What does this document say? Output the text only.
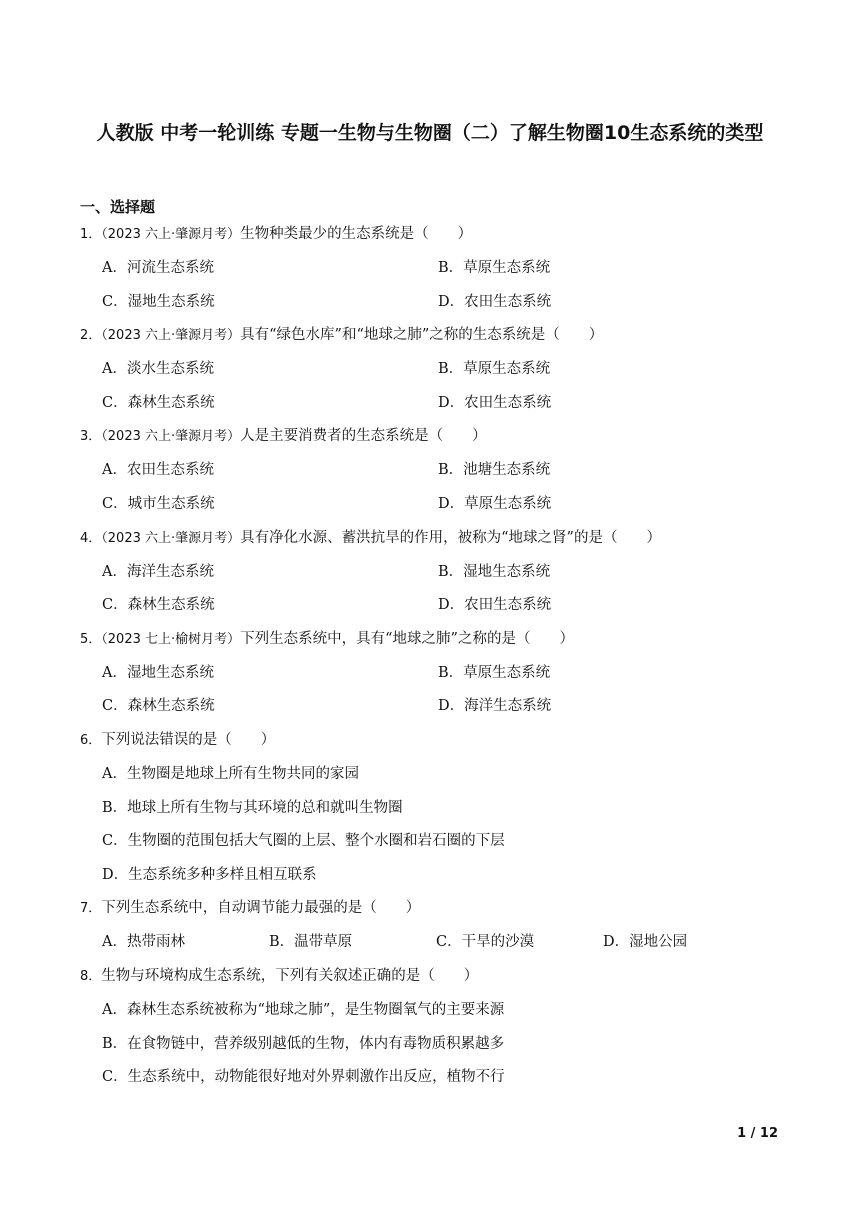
人教版 中考一轮训练 专题一生物与生物圈（二）了解生物圈10生态系统的类型
一、选择题
1．（2023 六上·肇源月考）生物种类最少的生态系统是（　　）
A．河流生态系统	B．草原生态系统
C．湿地生态系统	D．农田生态系统
2．（2023 六上·肇源月考）具有“绿色水库”和“地球之肺”之称的生态系统是（　　）
A．淡水生态系统	B．草原生态系统
C．森林生态系统	D．农田生态系统
3．（2023 六上·肇源月考）人是主要消费者的生态系统是（　　）
A．农田生态系统	B．池塘生态系统
C．城市生态系统	D．草原生态系统
4．（2023 六上·肇源月考）具有净化水源、蓄洪抗旱的作用，被称为“地球之肾”的是（　　）
A．海洋生态系统	B．湿地生态系统
C．森林生态系统	D．农田生态系统
5．（2023 七上·榆树月考）下列生态系统中，具有“地球之肺”之称的是（　　）
A．湿地生态系统	B．草原生态系统
C．森林生态系统	D．海洋生态系统
6．下列说法错误的是（　　）
A．生物圈是地球上所有生物共同的家园
B．地球上所有生物与其环境的总和就叫生物圈
C．生物圈的范围包括大气圈的上层、整个水圈和岩石圈的下层
D．生态系统多种多样且相互联系
7．下列生态系统中，自动调节能力最强的是（　　）
A．热带雨林	B．温带草原	C．干旱的沙漠	D．湿地公园
8．生物与环境构成生态系统，下列有关叙述正确的是（　　）
A．森林生态系统被称为“地球之肺”，是生物圈氧气的主要来源
B．在食物链中，营养级别越低的生物，体内有毒物质积累越多
C．生态系统中，动物能很好地对外界刺激作出反应，植物不行
1 / 12
